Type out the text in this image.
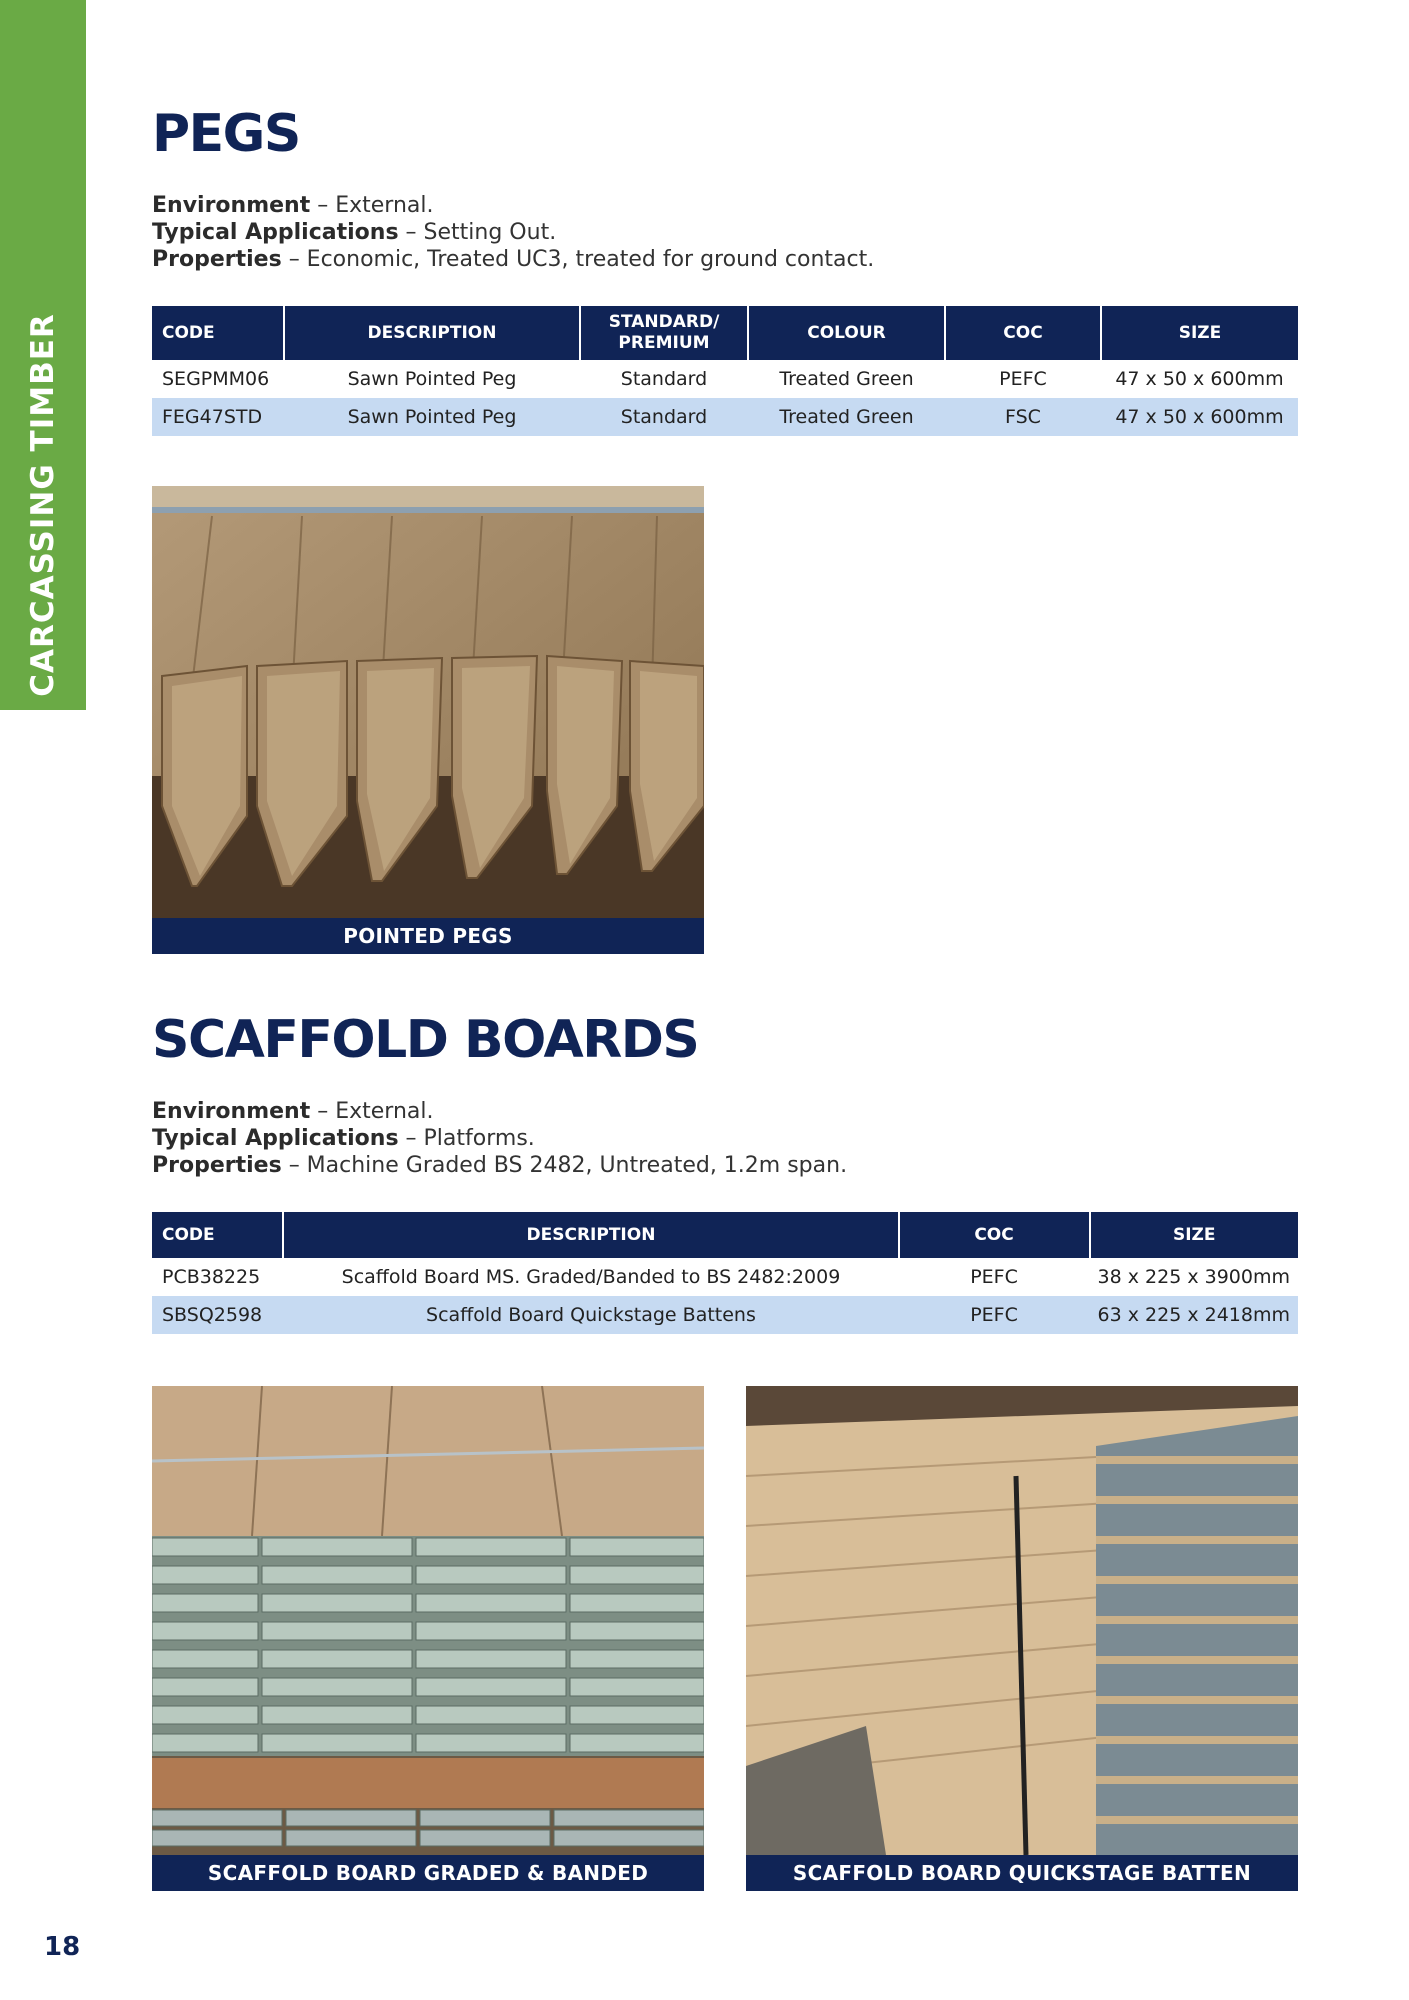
CARCASSING TIMBER
PEGS
Environment – External.
Typical Applications – Setting Out.
Properties – Economic, Treated UC3, treated for ground contact.
CODE	DESCRIPTION	STANDARD/ PREMIUM	COLOUR	COC	SIZE
SEGPMM06	Sawn Pointed Peg	Standard	Treated Green	PEFC	47 x 50 x 600mm
FEG47STD	Sawn Pointed Peg	Standard	Treated Green	FSC	47 x 50 x 600mm
POINTED PEGS
SCAFFOLD BOARDS
Environment – External.
Typical Applications – Platforms.
Properties – Machine Graded BS 2482, Untreated, 1.2m span.
CODE	DESCRIPTION	COC	SIZE
PCB38225	Scaffold Board MS. Graded/Banded to BS 2482:2009	PEFC	38 x 225 x 3900mm
SBSQ2598	Scaffold Board Quickstage Battens	PEFC	63 x 225 x 2418mm
SCAFFOLD BOARD GRADED & BANDED	SCAFFOLD BOARD QUICKSTAGE BATTEN
18
